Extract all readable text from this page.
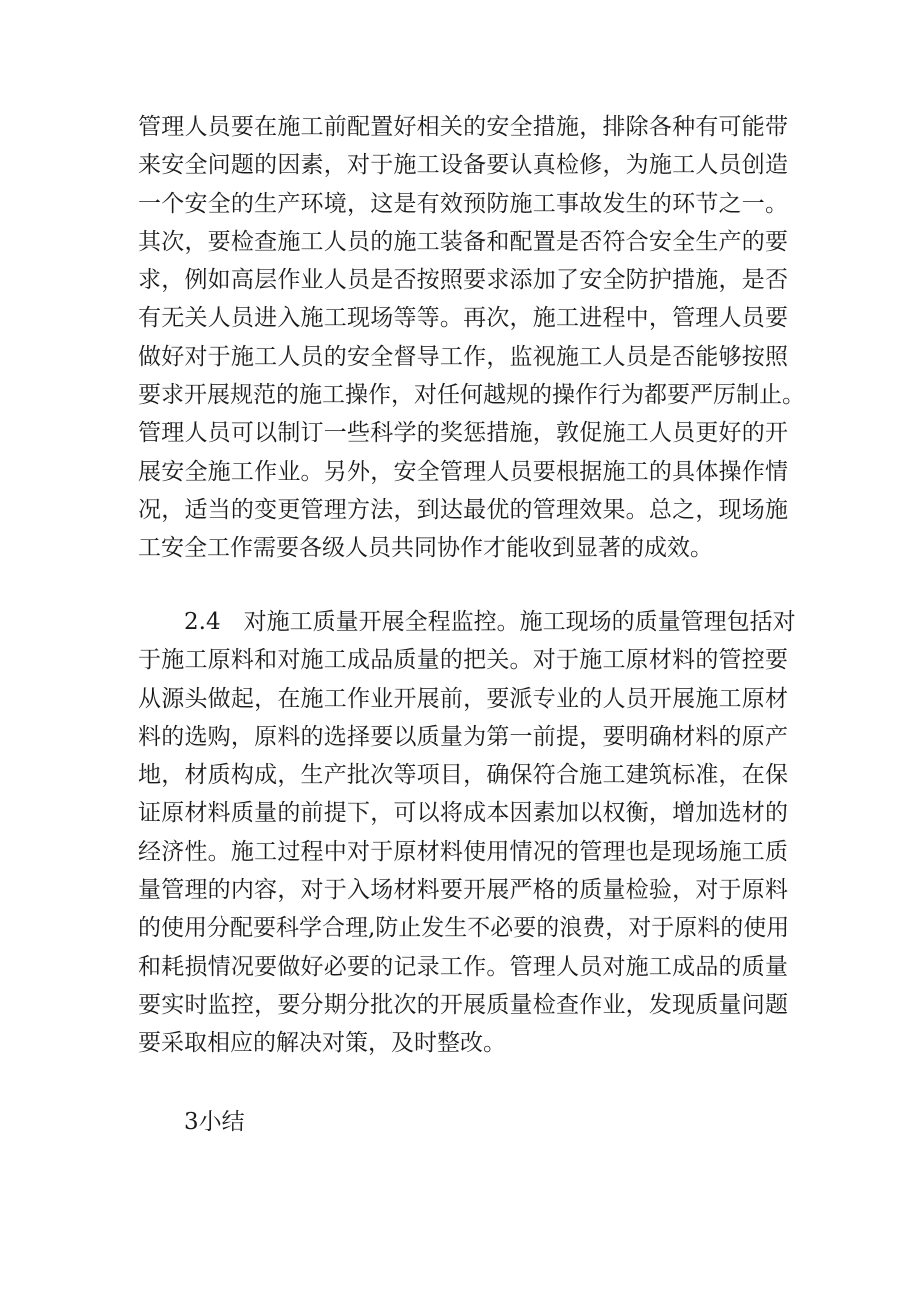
管理人员要在施工前配置好相关的安全措施，排除各种有可能带
来安全问题的因素，对于施工设备要认真检修，为施工人员创造
一个安全的生产环境，这是有效预防施工事故发生的环节之一。
其次，要检查施工人员的施工装备和配置是否符合安全生产的要
求，例如高层作业人员是否按照要求添加了安全防护措施，是否
有无关人员进入施工现场等等。再次，施工进程中，管理人员要
做好对于施工人员的安全督导工作，监视施工人员是否能够按照
要求开展规范的施工操作，对任何越规的操作行为都要严厉制止。
管理人员可以制订一些科学的奖惩措施，敦促施工人员更好的开
展安全施工作业。另外，安全管理人员要根据施工的具体操作情
况，适当的变更管理方法，到达最优的管理效果。总之，现场施
工安全工作需要各级人员共同协作才能收到显著的成效。
2.4　对施工质量开展全程监控。施工现场的质量管理包括对
于施工原料和对施工成品质量的把关。对于施工原材料的管控要
从源头做起，在施工作业开展前，要派专业的人员开展施工原材
料的选购，原料的选择要以质量为第一前提，要明确材料的原产
地，材质构成，生产批次等项目，确保符合施工建筑标准，在保
证原材料质量的前提下，可以将成本因素加以权衡，增加选材的
经济性。施工过程中对于原材料使用情况的管理也是现场施工质
量管理的内容，对于入场材料要开展严格的质量检验，对于原料
的使用分配要科学合理,防止发生不必要的浪费，对于原料的使用
和耗损情况要做好必要的记录工作。管理人员对施工成品的质量
要实时监控，要分期分批次的开展质量检查作业，发现质量问题
要采取相应的解决对策，及时整改。
3小结
